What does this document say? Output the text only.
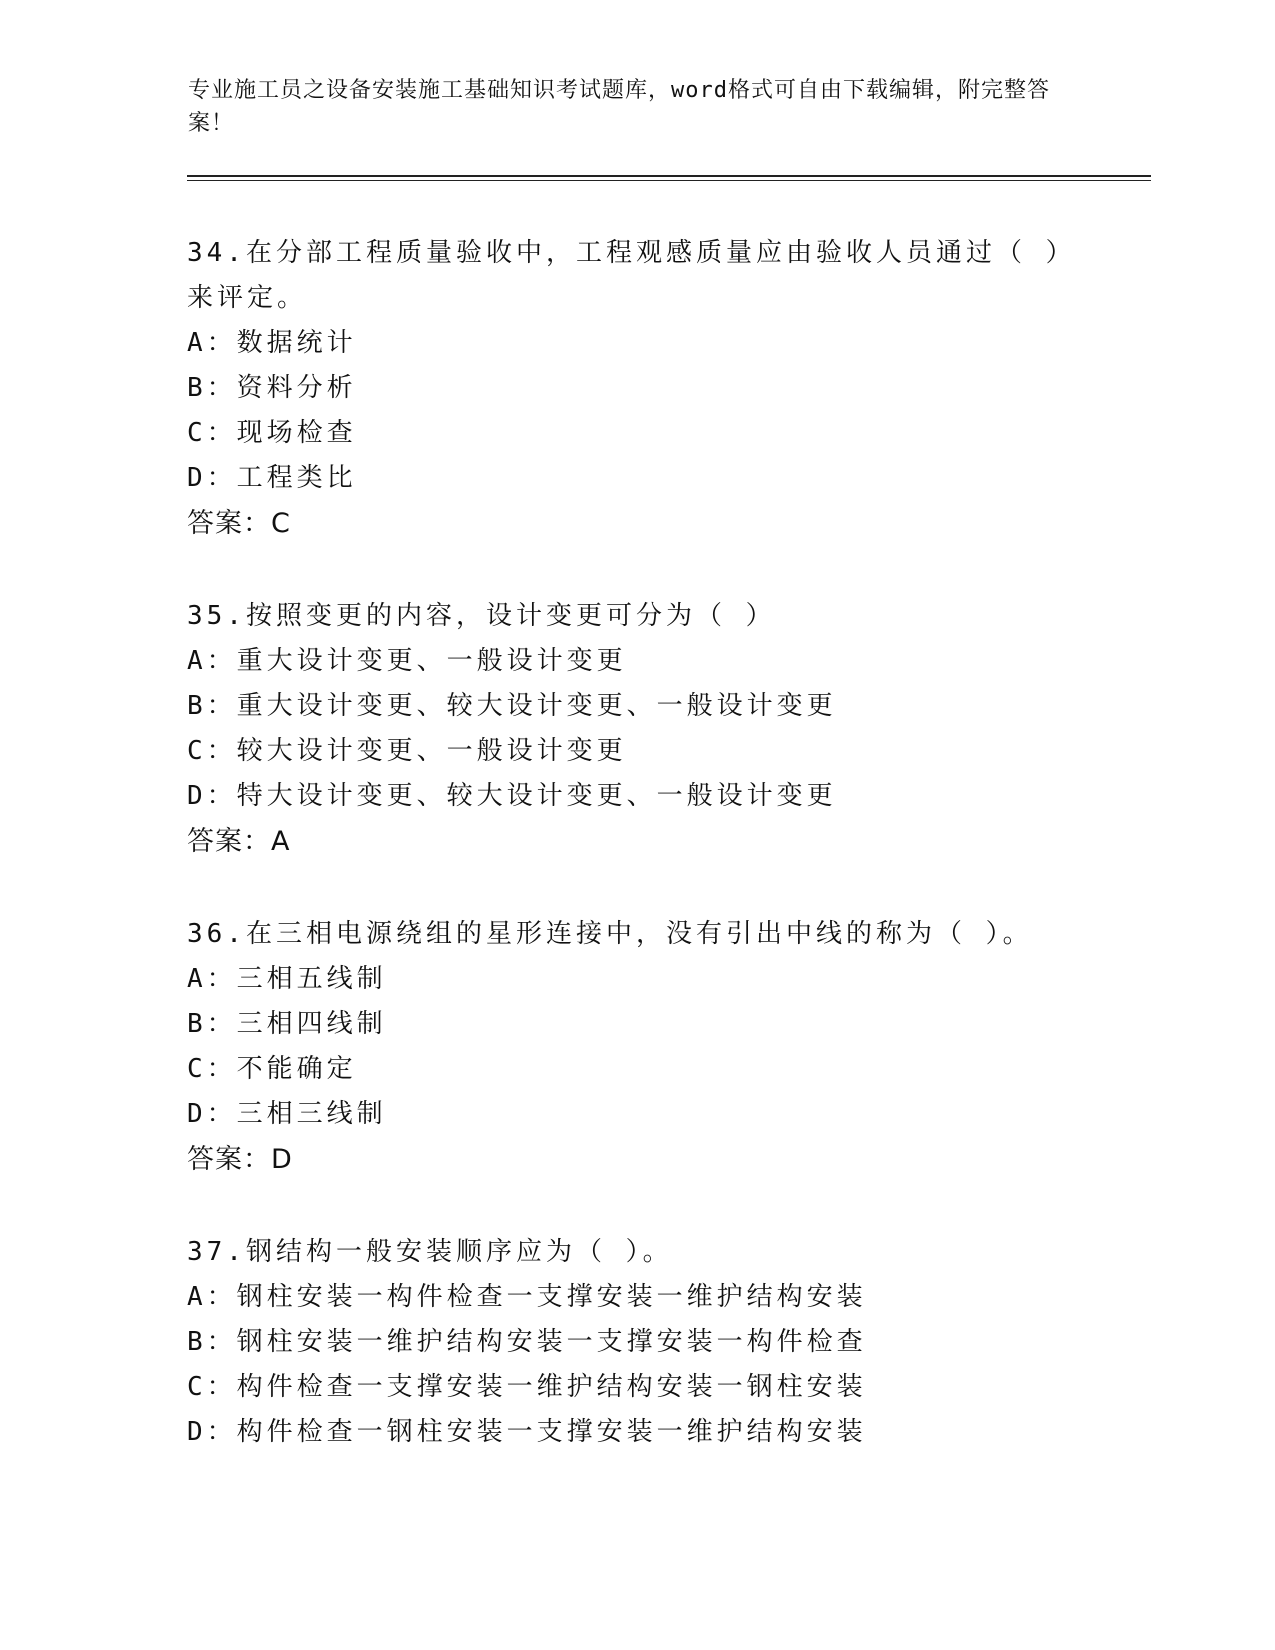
专业施工员之设备安装施工基础知识考试题库，word格式可自由下载编辑，附完整答案！
34.在分部工程质量验收中，工程观感质量应由验收人员通过（ ）来评定。
A：数据统计
B：资料分析
C：现场检查
D：工程类比
答案：C
35.按照变更的内容，设计变更可分为（ ）
A：重大设计变更、一般设计变更
B：重大设计变更、较大设计变更、一般设计变更
C：较大设计变更、一般设计变更
D：特大设计变更、较大设计变更、一般设计变更
答案：A
36.在三相电源绕组的星形连接中，没有引出中线的称为（ ）。
A：三相五线制
B：三相四线制
C：不能确定
D：三相三线制
答案：D
37.钢结构一般安装顺序应为（ ）。
A：钢柱安装一构件检查一支撑安装一维护结构安装
B：钢柱安装一维护结构安装一支撑安装一构件检查
C：构件检查一支撑安装一维护结构安装一钢柱安装
D：构件检查一钢柱安装一支撑安装一维护结构安装
